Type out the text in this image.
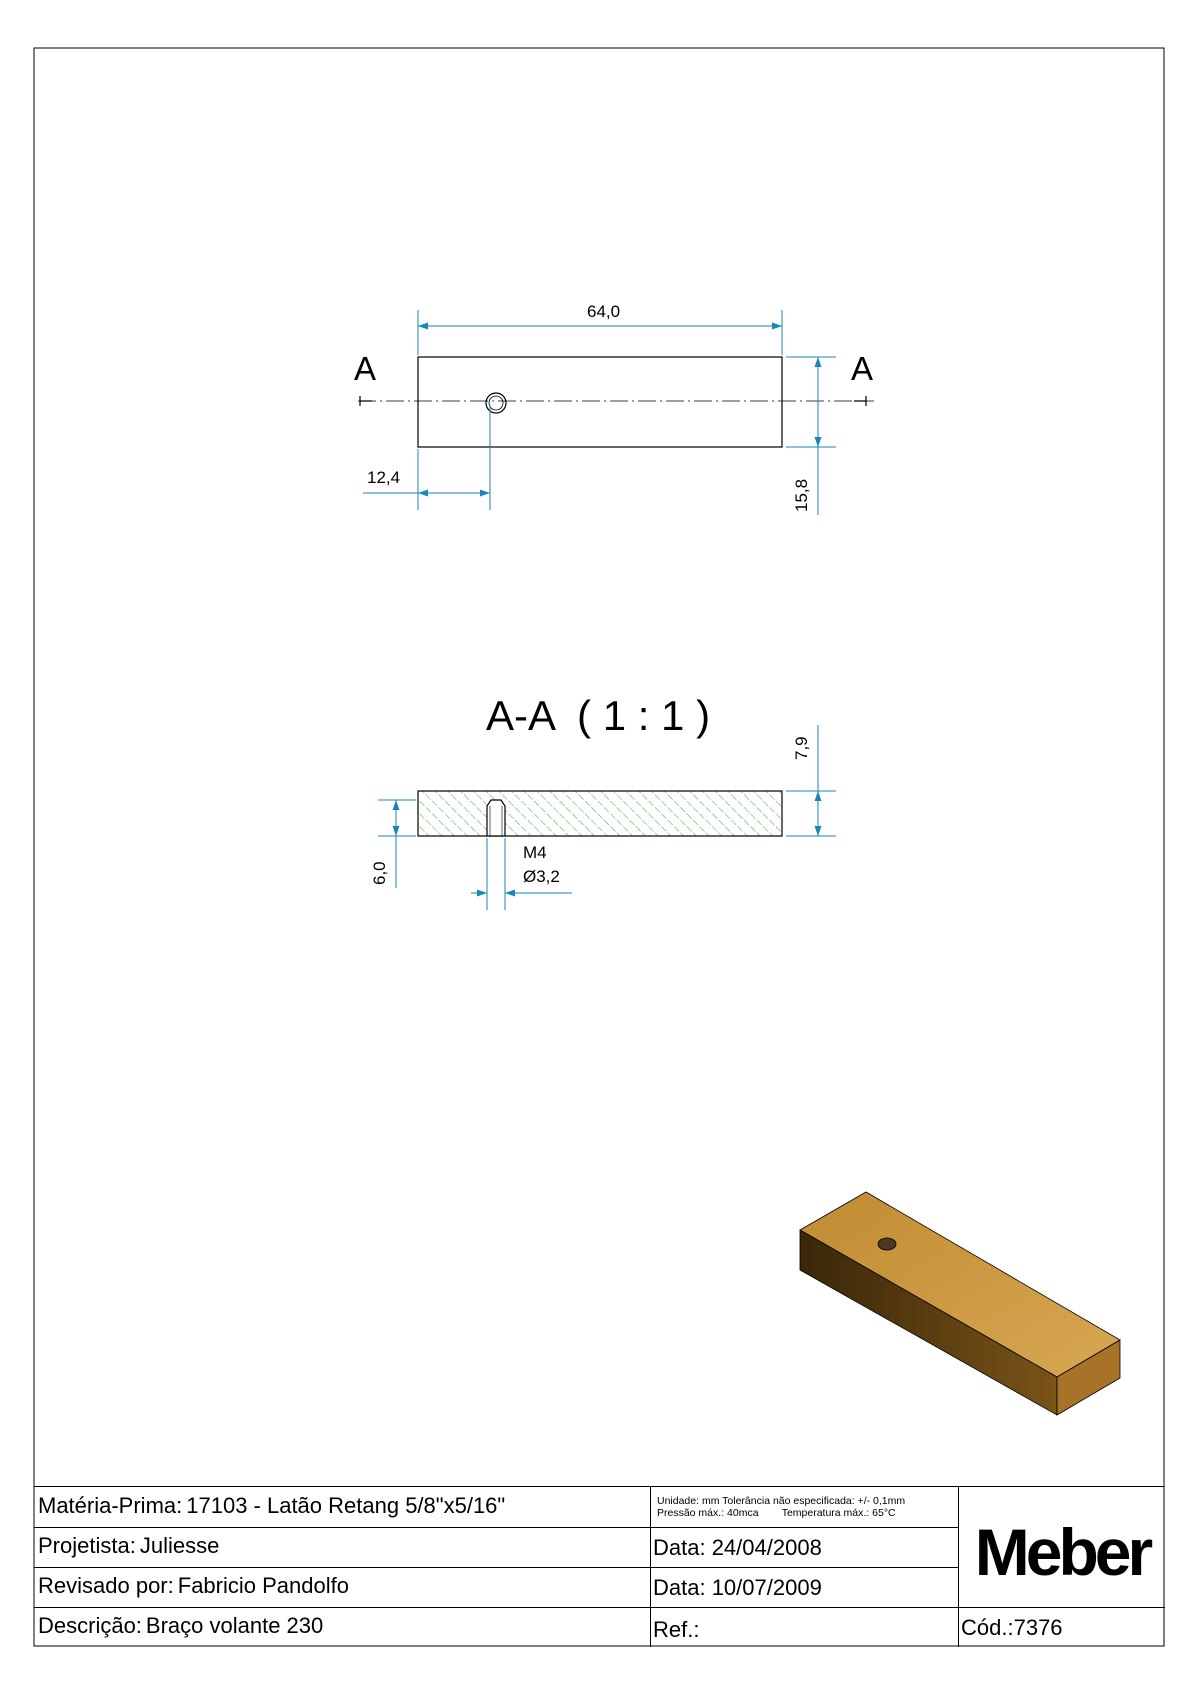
A	A
64,0
12,4
15,8
A-A  ( 1 : 1 )
7,9
6,0
M4
Ø3,2
Matéria-Prima: 17103 - Latão Retang 5/8"x5/16"
Projetista: Juliesse
Revisado por: Fabricio Pandolfo
Descrição: Braço volante 230
Unidade: mm Tolerância não especificada: +/- 0,1mm
Pressão máx.: 40mca        Temperatura máx.: 65°C
Data: 24/04/2008
Data: 10/07/2009
Ref.:
Meber
Cód.:7376
